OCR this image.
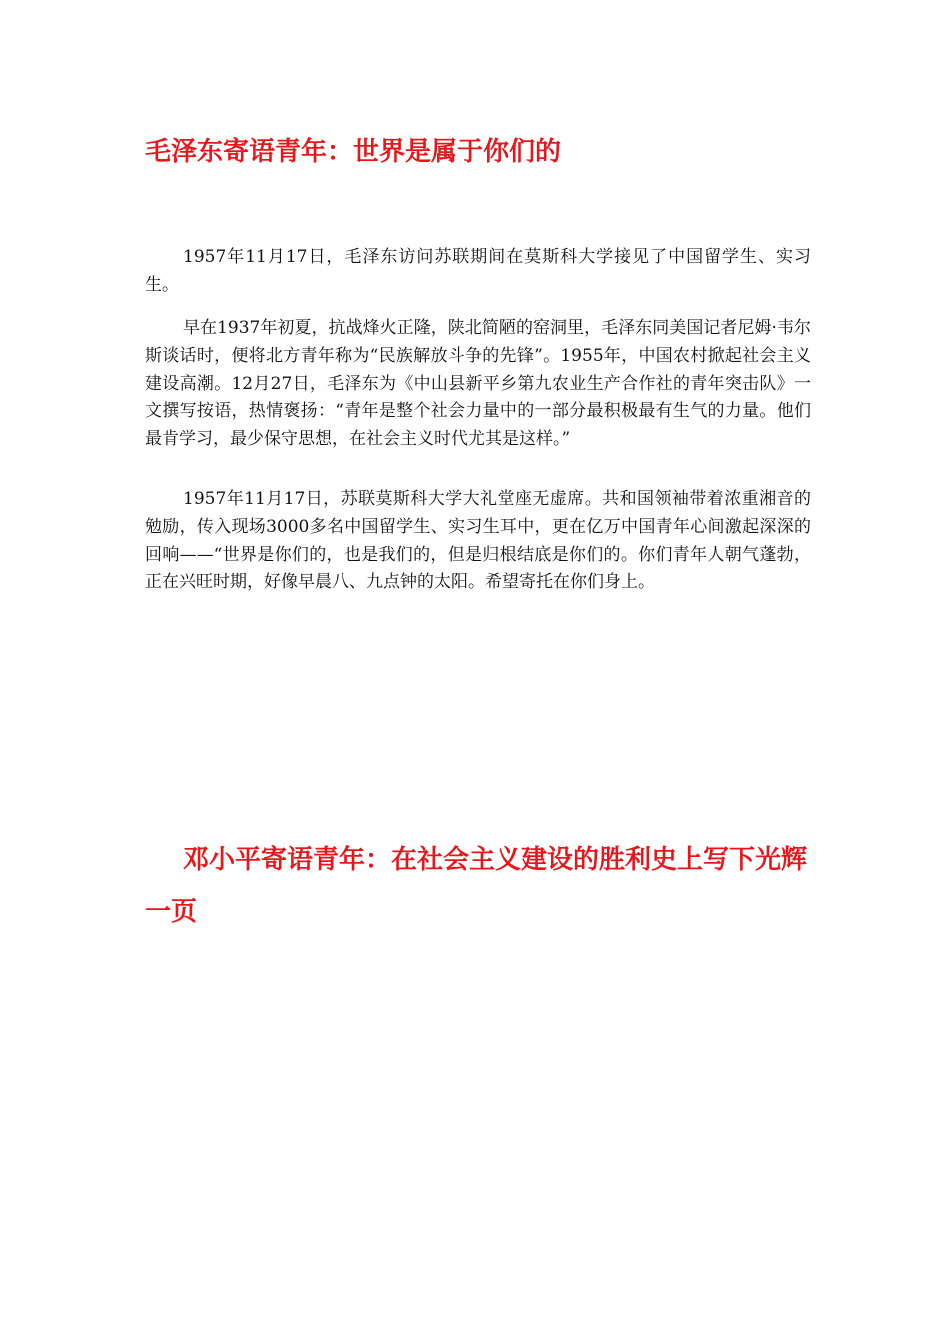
毛泽东寄语青年：世界是属于你们的

1957年11月17日，毛泽东访问苏联期间在莫斯科大学接见了中国留学生、实习生。

早在1937年初夏，抗战烽火正隆，陕北简陋的窑洞里，毛泽东同美国记者尼姆·韦尔斯谈话时，便将北方青年称为“民族解放斗争的先锋”。1955年，中国农村掀起社会主义建设高潮。12月27日，毛泽东为《中山县新平乡第九农业生产合作社的青年突击队》一文撰写按语，热情褒扬：“青年是整个社会力量中的一部分最积极最有生气的力量。他们最肯学习，最少保守思想，在社会主义时代尤其是这样。”

1957年11月17日，苏联莫斯科大学大礼堂座无虚席。共和国领袖带着浓重湘音的勉励，传入现场3000多名中国留学生、实习生耳中，更在亿万中国青年心间激起深深的回响——“世界是你们的，也是我们的，但是归根结底是你们的。你们青年人朝气蓬勃，正在兴旺时期，好像早晨八、九点钟的太阳。希望寄托在你们身上。

邓小平寄语青年：在社会主义建设的胜利史上写下光辉一页
